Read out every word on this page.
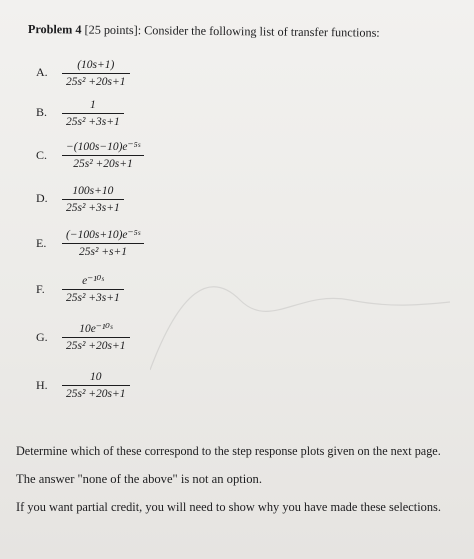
Problem 4 [25 points]: Consider the following list of transfer functions:
A.	(10s+1)
25s² +20s+1
B.	1
25s² +3s+1
C.
−(100s−10)e⁻⁵ˢ
25s² +20s+1
D.	100s+10
25s² +3s+1
E.
(−100s+10)e⁻⁵ˢ
25s² +s+1
F.
e⁻¹⁰ˢ
25s² +3s+1
G.
10e⁻¹⁰ˢ
25s² +20s+1
H.
10
25s² +20s+1
Determine which of these correspond to the step response plots given on the next page.
The answer "none of the above" is not an option.
If you want partial credit, you will need to show why you have made these selections.
